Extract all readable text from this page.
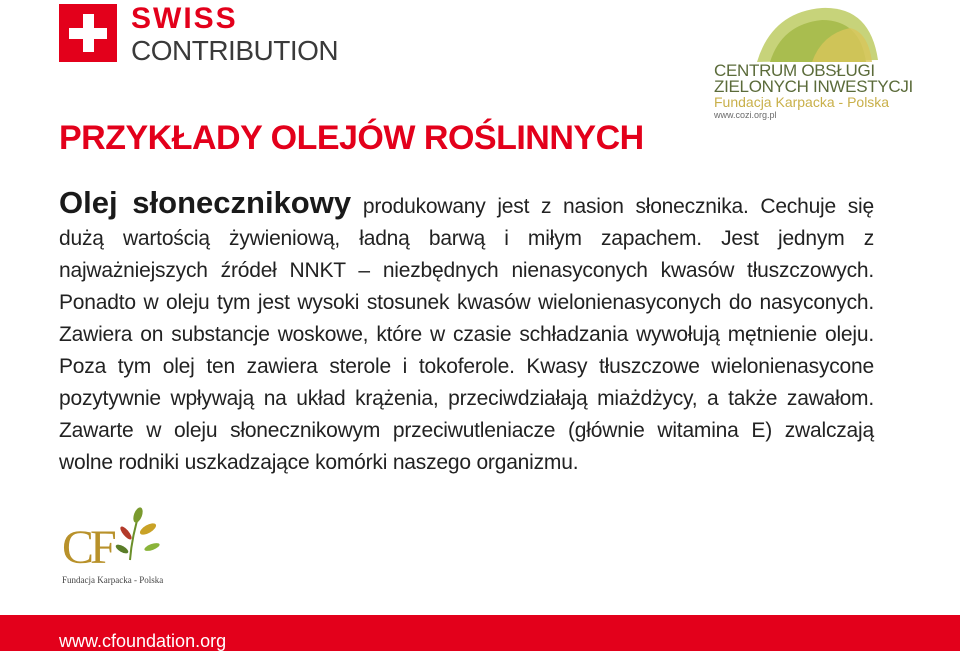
SWISS
CONTRIBUTION
CENTRUM OBSŁUGI
ZIELONYCH INWESTYCJI
Fundacja Karpacka - Polska
www.cozi.org.pl
PRZYKŁADY OLEJÓW ROŚLINNYCH

Olej słonecznikowy produkowany jest z nasion słonecznika. Cechuje się dużą wartością żywieniową, ładną barwą i miłym zapachem. Jest jednym z najważniejszych źródeł NNKT – niezbędnych nienasyconych kwasów tłuszczowych. Ponadto w oleju tym jest wysoki stosunek kwasów wielonienasyconych do nasyconych. Zawiera on substancje woskowe, które w czasie schładzania wywołują mętnienie oleju. Poza tym olej ten zawiera sterole i tokoferole. Kwasy tłuszczowe wielonienasycone pozytywnie wpływają na układ krążenia, przeciwdziałają miażdżycy, a także zawałom. Zawarte w oleju słonecznikowym przeciwutleniacze (głównie witamina E) zwalczają wolne rodniki uszkadzające komórki naszego organizmu.

CF
Fundacja Karpacka - Polska
www.cfoundation.org
